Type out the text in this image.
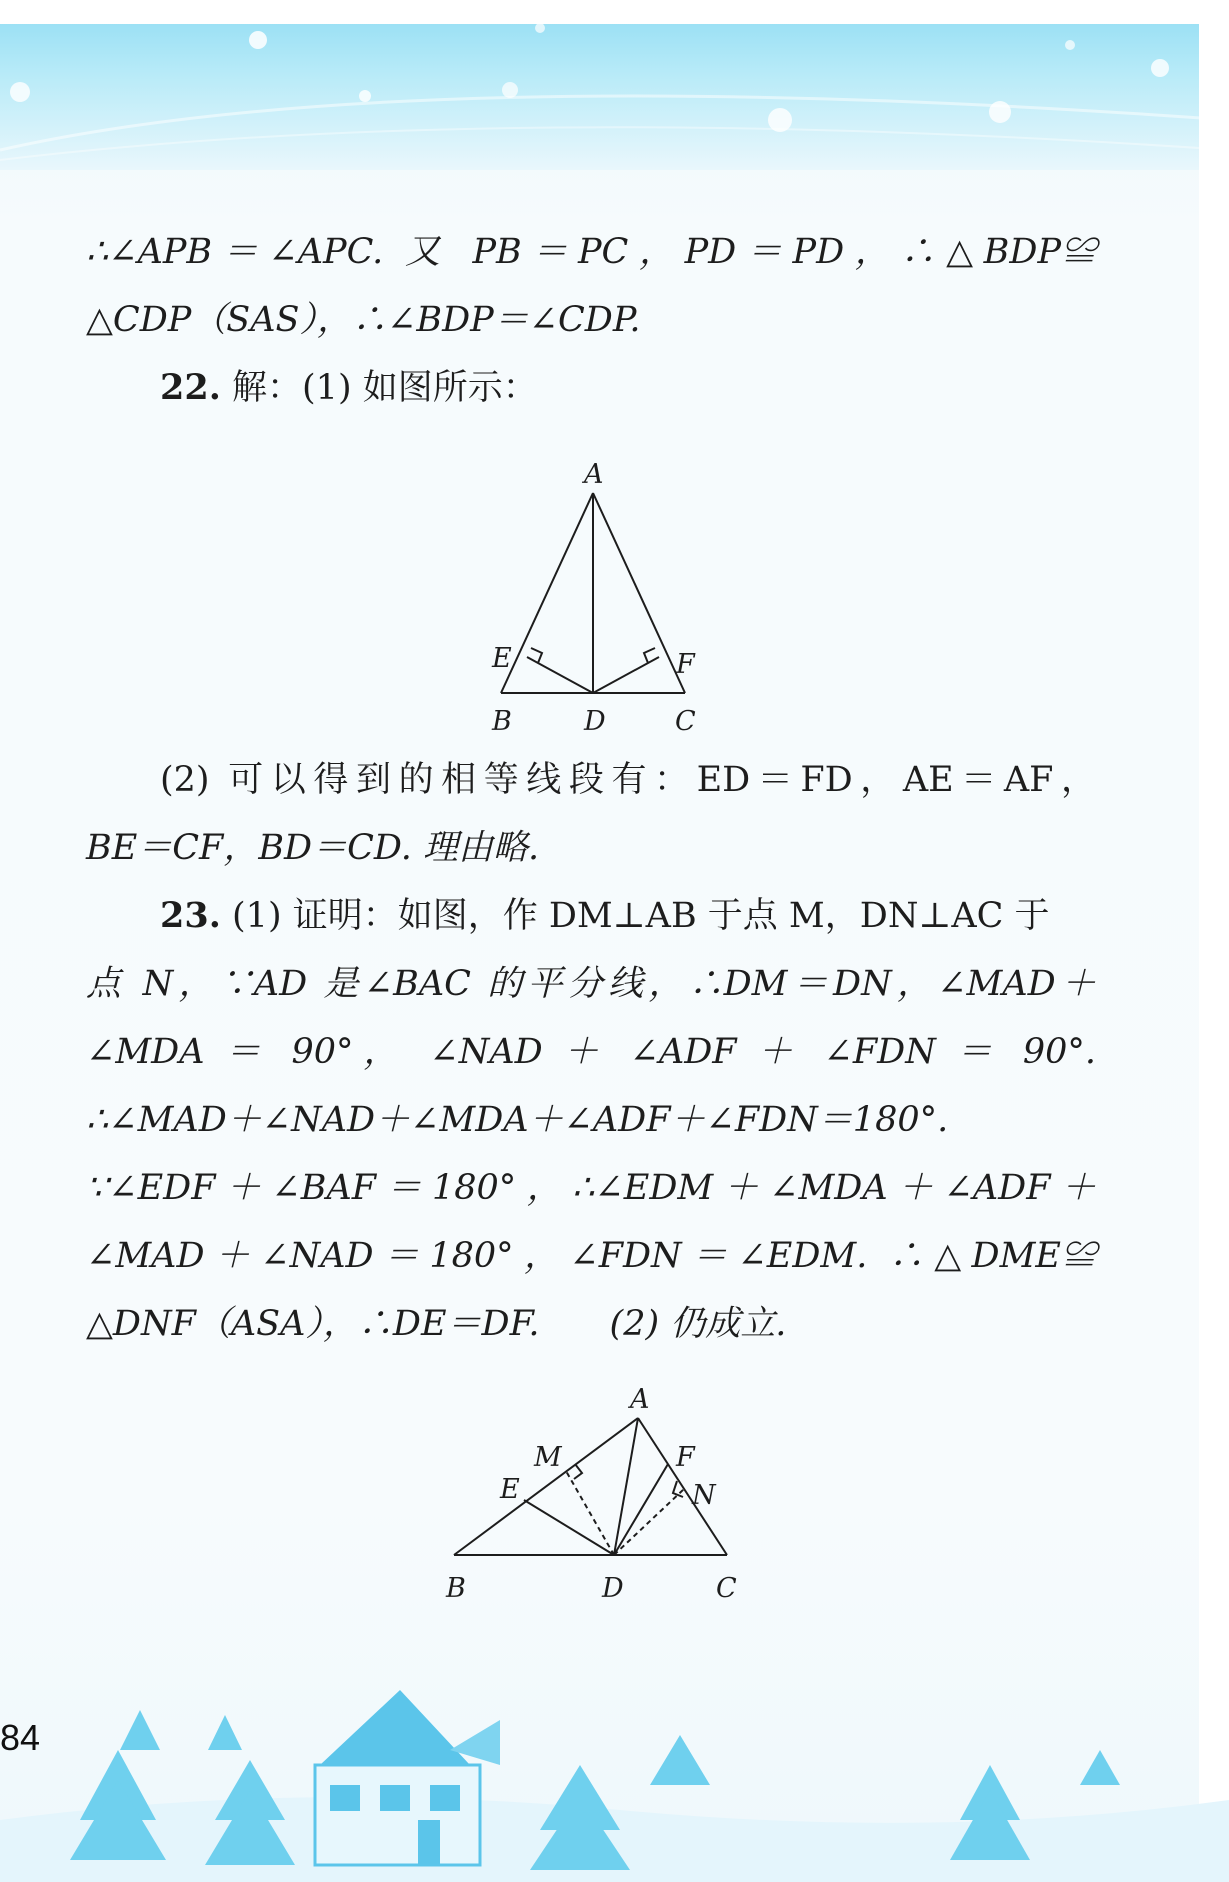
∴∠APB＝∠APC. 又 PB＝PC，PD＝PD，∴△BDP≌
△CDP（SAS），∴∠BDP＝∠CDP.
22. 解：(1) 如图所示：
A
E	F
B	D	C
(2) 可以得到的相等线段有：ED＝FD，AE＝AF，
BE＝CF，BD＝CD. 理由略.
23. (1) 证明：如图，作 DM⊥AB 于点 M，DN⊥AC 于
点 N，∵AD 是∠BAC 的平分线，∴DM＝DN，∠MAD＋
∠MDA ＝ 90°， ∠NAD ＋ ∠ADF ＋ ∠FDN ＝ 90°.
∴∠MAD＋∠NAD＋∠MDA＋∠ADF＋∠FDN＝180°.
∵∠EDF＋∠BAF＝180°，∴∠EDM＋∠MDA＋∠ADF＋
∠MAD＋∠NAD＝180°，∠FDN＝∠EDM. ∴△DME≌
△DNF（ASA），∴DE＝DF.　　(2) 仍成立.
A
M
E
F
N
B	D	C
84
